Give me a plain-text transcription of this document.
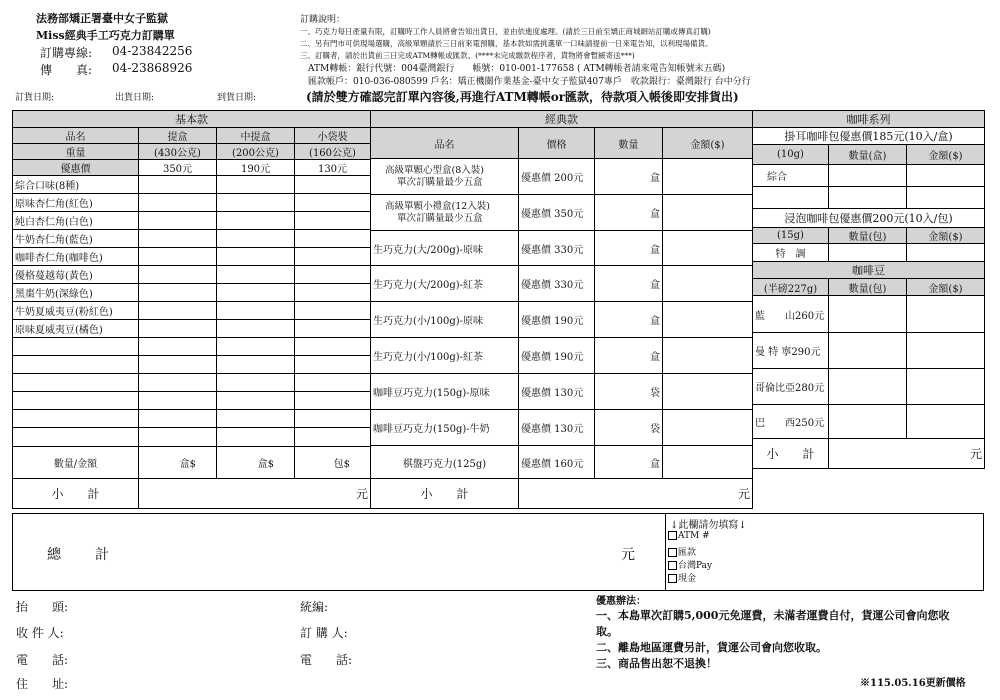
法務部矯正署臺中女子監獄
Miss經典手工巧克力訂購單
訂購專線: 04-23842256
傳　　真: 04-23868926
訂貨日期:	出貨日期:	到貨日期:
訂購說明：
一、巧克力每日產量有限，訂購時工作人員將會告知出貨日，並由依進度處理。(請於三日前至矯正商城網站訂購或傳真訂購)
二、另有門市可供現場選購，高級單顆請於三日前來電預購，基本款如需挑選單一口味請提前一日來電告知，以利現場備貨。
三、訂購者，請於出貨前三日完成ATM轉帳或匯款。(****未完成繳款程序者，貨物將會暫緩寄送***)
ATM轉帳：銀行代號：004臺灣銀行　　帳號：010-001-177658 ( ATM轉帳者請來電告知帳號末五碼)
匯款帳戶：010-036-080599 戶名：矯正機關作業基金-臺中女子監獄407專戶　收款銀行：臺灣銀行 台中分行
(請於雙方確認完訂單內容後,再進行ATM轉帳or匯款，待款項入帳後即安排貨出)
基本款			
品名	提盒	中提盒	小袋裝
重量	(430公克)	(200公克)	(160公克)
優惠價	350元	190元	130元
綜合口味(8種)			
原味杏仁角(紅色)			
純白杏仁角(白色)			
牛奶杏仁角(藍色)			
咖啡杏仁角(咖啡色)			
優格蔓越莓(黃色)			
黑棗牛奶(深綠色)			
牛奶夏威夷豆(粉紅色)			
原味夏威夷豆(橘色)			

數量/金額	盒$	盒$	包$
小　　計	元		
經典款			
品名	價格	數量	金額($)

高級單顆心型盒(8入裝)
單次訂購量最少五盒	優惠價 200元	盒	

高級單顆小禮盒(12入裝)
單次訂購量最少五盒	優惠價 350元	盒	
生巧克力(大/200g)-原味	優惠價 330元	盒	
生巧克力(大/200g)-紅茶	優惠價 330元	盒	
生巧克力(小/100g)-原味	優惠價 190元	盒	
生巧克力(小/100g)-紅茶	優惠價 190元	盒	
咖啡豆巧克力(150g)-原味	優惠價 130元	袋	
咖啡豆巧克力(150g)-牛奶	優惠價 130元	袋	
棋盤巧克力(125g)	優惠價 160元	盒	
小　　計	元		
咖啡系列		
掛耳咖啡包優惠價185元(10入/盒)		
(10g)	數量(盒)	金額($)
綜合		

浸泡咖啡包優惠價200元(10入/包)		
(15g)	數量(包)	金額($)
特　調		
咖啡豆		
(半磅227g)	數量(包)	金額($)
藍　　山260元		
曼 特 寧290元		
哥倫比亞280元		
巴　　西250元		
小　　計	元	
總　　計	元
↓此欄請勿填寫↓
ATM #
匯款
台灣Pay
現金
抬　　頭:	統編:
收 件 人:	訂 購 人:
電　　話:	電　　話:
住　　址:
優惠辦法：
一、本島單次訂購5,000元免運費，未滿者運費自付，貨運公司會向您收
取。
二、離島地區運費另計，貨運公司會向您收取。
三、商品售出恕不退換！
※115.05.16更新價格
